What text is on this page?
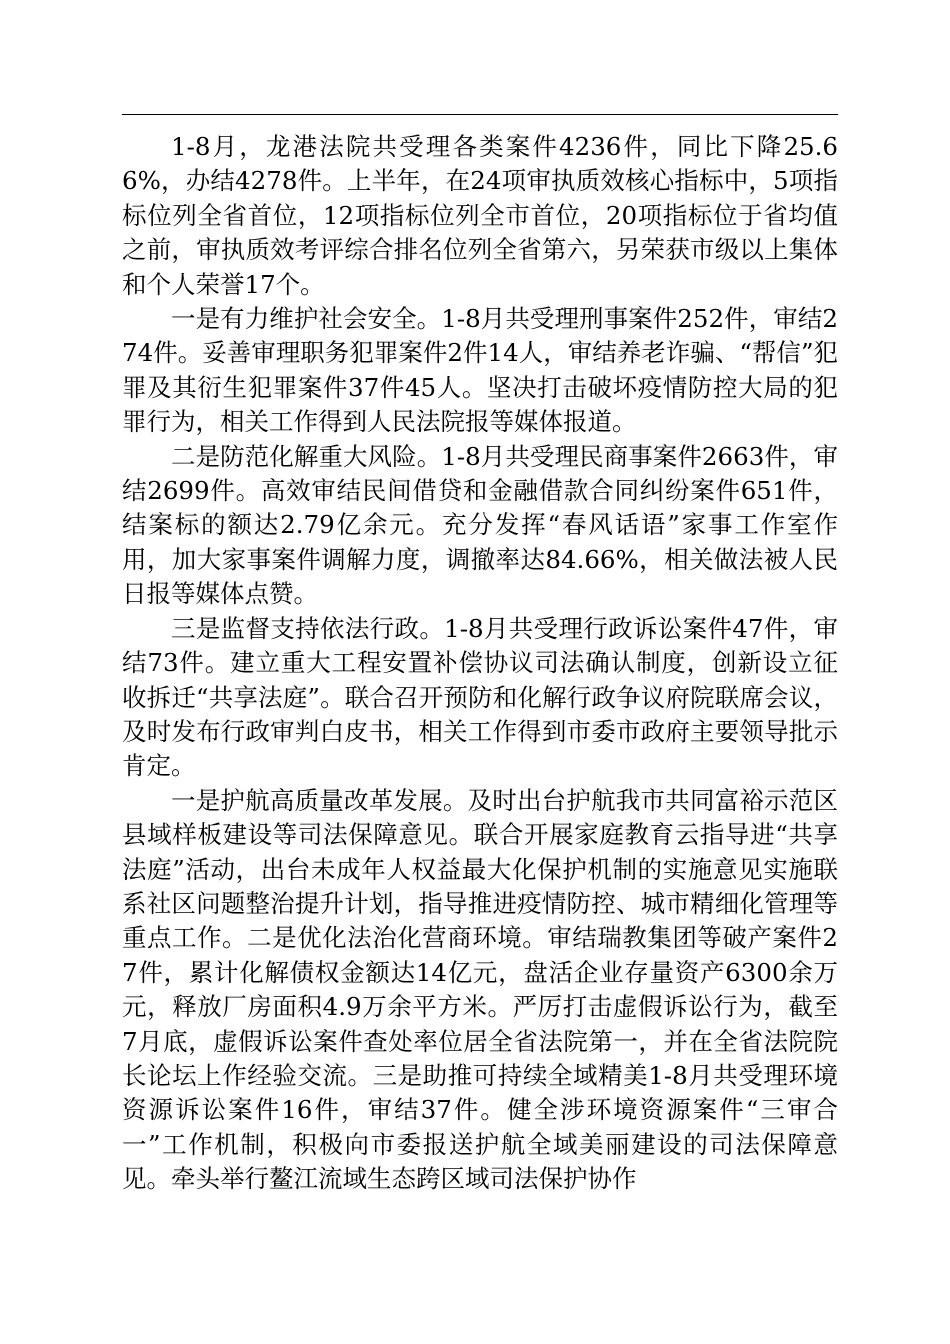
1-8月，龙港法院共受理各类案件4236件，同比下降25.66%，办结4278件。上半年，在24项审执质效核心指标中，5项指标位列全省首位，12项指标位列全市首位，20项指标位于省均值之前，审执质效考评综合排名位列全省第六，另荣获市级以上集体和个人荣誉17个。

一是有力维护社会安全。1-8月共受理刑事案件252件，审结274件。妥善审理职务犯罪案件2件14人，审结养老诈骗、“帮信”犯罪及其衍生犯罪案件37件45人。坚决打击破坏疫情防控大局的犯罪行为，相关工作得到人民法院报等媒体报道。

二是防范化解重大风险。1-8月共受理民商事案件2663件，审结2699件。高效审结民间借贷和金融借款合同纠纷案件651件，结案标的额达2.79亿余元。充分发挥“春风话语”家事工作室作用，加大家事案件调解力度，调撤率达84.66%，相关做法被人民日报等媒体点赞。

三是监督支持依法行政。1-8月共受理行政诉讼案件47件，审结73件。建立重大工程安置补偿协议司法确认制度，创新设立征收拆迁“共享法庭”。联合召开预防和化解行政争议府院联席会议，及时发布行政审判白皮书，相关工作得到市委市政府主要领导批示肯定。

一是护航高质量改革发展。及时出台护航我市共同富裕示范区县域样板建设等司法保障意见。联合开展家庭教育云指导进“共享法庭”活动，出台未成年人权益最大化保护机制的实施意见实施联系社区问题整治提升计划，指导推进疫情防控、城市精细化管理等重点工作。二是优化法治化营商环境。审结瑞教集团等破产案件27件，累计化解债权金额达14亿元，盘活企业存量资产6300余万元，释放厂房面积4.9万余平方米。严厉打击虚假诉讼行为，截至7月底，虚假诉讼案件查处率位居全省法院第一，并在全省法院院长论坛上作经验交流。三是助推可持续全域精美1-8月共受理环境资源诉讼案件16件，审结37件。健全涉环境资源案件“三审合一”工作机制，积极向市委报送护航全域美丽建设的司法保障意见。牵头举行鳌江流域生态跨区域司法保护协作
